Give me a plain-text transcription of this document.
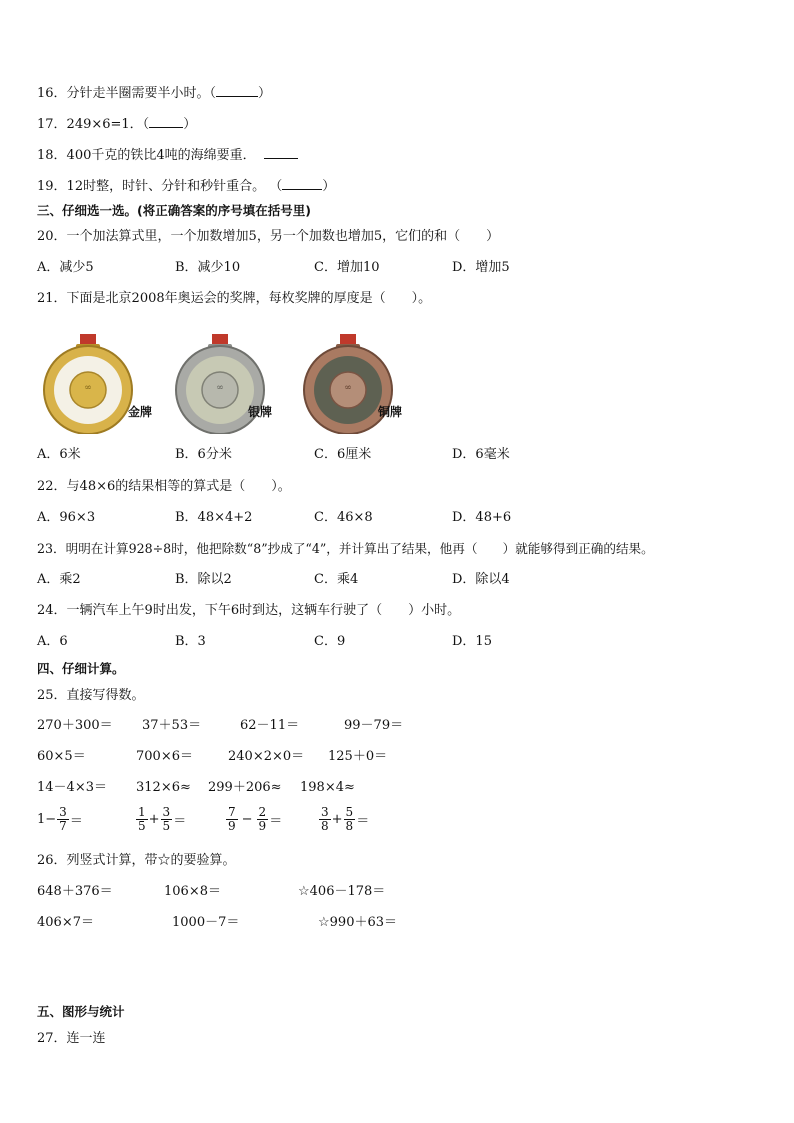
16．分针走半圈需要半小时。（	）
17．249×6=1．（	）
18．400千克的铁比4吨的海绵要重．
19．12时整，时针、分针和秒针重合。 （	）
三、仔细选一选。(将正确答案的序号填在括号里)
20．一个加法算式里，一个加数增加5，另一个加数也增加5，它们的和（　　）
A．减少5	B．减少10	C．增加10	D．增加5
21．下面是北京2008年奥运会的奖牌，每枚奖牌的厚度是（　　）。
∞
金牌
∞
银牌
∞
铜牌
A．6米	B．6分米	C．6厘米	D．6毫米
22．与48×6的结果相等的算式是（　　）。
A．96×3	B．48×4+2	C．46×8	D．48+6
23．明明在计算928÷8时，他把除数“8”抄成了“4”，并计算出了结果，他再（　　）就能够得到正确的结果。
A．乘2	B．除以2	C．乘4	D．除以4
24．一辆汽车上午9时出发，下午6时到达，这辆车行驶了（　　）小时。
A．6	B．3	C．9	D．15
四、仔细计算。
25．直接写得数。
270＋300＝ 37＋53＝	62－11＝	99－79＝
60×5＝	700×6＝	240×2×0＝ 125＋0＝
14－4×3＝ 312×6≈ 299＋206≈ 198×4≈
$1- \frac{3}{7}$ ＝	$\frac{1}{5} + \frac{3}{5}$ ＝	$\frac{7}{9} - \frac{2}{9}$ ＝	$\frac{3}{8} + \frac{5}{8}$ ＝
26．列竖式计算，带☆的要验算。
648＋376＝	106×8＝	☆406－178＝
406×7＝	1000－7＝	☆990＋63＝
五、图形与统计
27．连一连
